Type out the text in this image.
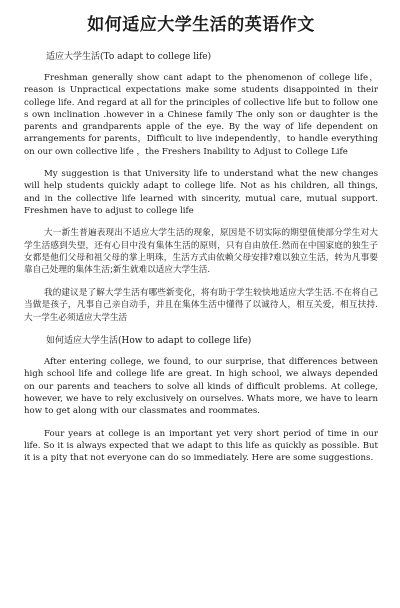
如何适应大学生活的英语作文
适应大学生活(To adapt to college life)

Freshman generally show cant adapt to the phenomenon of college life，reason is Unpractical expectations make some students disappointed in their college life. And regard at all for the principles of collective life but to follow one s own inclination .however in a Chinese family The only son or daughter is the parents and grandparents apple of the eye. By the way of life dependent on arrangements for parents，Difficult to live independently，to handle everything on our own collective life ，the Freshers Inability to Adjust to College Life

My suggestion is that University life to understand what the new changes will help students quickly adapt to college life. Not as his children, all things, and in the collective life learned with sincerity, mutual care, mutual support. Freshmen have to adjust to college life

大一新生普遍表现出不适应大学生活的现象，原因是不切实际的期望值使部分学生对大学生活感到失望，还有心目中没有集体生活的原则，只有自由放任.然而在中国家庭的独生子女都是他们父母和祖父母的掌上明珠，生活方式由依赖父母安排?难以独立生活，转为凡事要靠自己处理的集体生活;新生就难以适应大学生活.

我的建议是了解大学生活有哪些新变化，将有助于学生较快地适应大学生活.不在将自己当做是孩子，凡事自己亲自动手，并且在集体生活中懂得了以诚待人，相互关爱，相互扶持.大一学生必须适应大学生活

如何适应大学生活(How to adapt to college life)

After entering college, we found, to our surprise, that differences between high school life and college life are great. In high school, we always depended on our parents and teachers to solve all kinds of difficult problems. At college, however, we have to rely exclusively on ourselves. Whats more, we have to learn how to get along with our classmates and roommates.

Four years at college is an important yet very short period of time in our life. So it is always expected that we adapt to this life as quickly as possible. But it is a pity that not everyone can do so immediately. Here are some suggestions.
